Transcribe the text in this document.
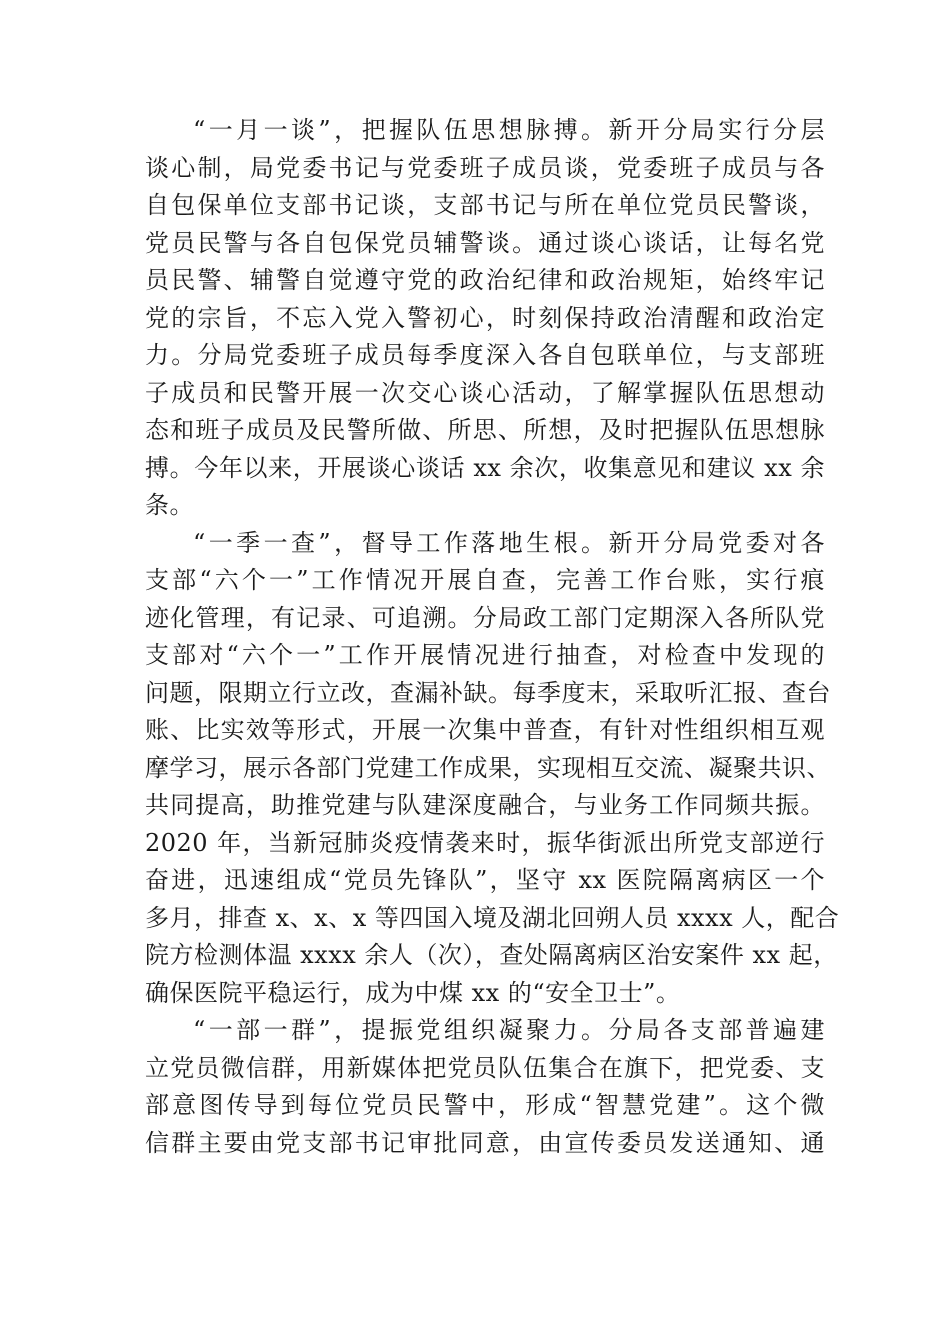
“一月一谈”，把握队伍思想脉搏。新开分局实行分层
谈心制，局党委书记与党委班子成员谈，党委班子成员与各
自包保单位支部书记谈，支部书记与所在单位党员民警谈，
党员民警与各自包保党员辅警谈。通过谈心谈话，让每名党
员民警、辅警自觉遵守党的政治纪律和政治规矩，始终牢记
党的宗旨，不忘入党入警初心，时刻保持政治清醒和政治定
力。分局党委班子成员每季度深入各自包联单位，与支部班
子成员和民警开展一次交心谈心活动，了解掌握队伍思想动
态和班子成员及民警所做、所思、所想，及时把握队伍思想脉
搏。今年以来，开展谈心谈话 xx 余次，收集意见和建议 xx 余
条。
“一季一查”，督导工作落地生根。新开分局党委对各
支部“六个一”工作情况开展自查，完善工作台账，实行痕
迹化管理，有记录、可追溯。分局政工部门定期深入各所队党
支部对“六个一”工作开展情况进行抽查，对检查中发现的
问题，限期立行立改，查漏补缺。每季度末，采取听汇报、查台
账、比实效等形式，开展一次集中普查，有针对性组织相互观
摩学习，展示各部门党建工作成果，实现相互交流、凝聚共识、
共同提高，助推党建与队建深度融合，与业务工作同频共振。
2020 年，当新冠肺炎疫情袭来时，振华街派出所党支部逆行
奋进，迅速组成“党员先锋队”，坚守 xx 医院隔离病区一个
多月，排查 x、x、x 等四国入境及湖北回朔人员 xxxx 人，配合
院方检测体温 xxxx 余人（次），查处隔离病区治安案件 xx 起，
确保医院平稳运行，成为中煤 xx 的“安全卫士”。
“一部一群”，提振党组织凝聚力。分局各支部普遍建
立党员微信群，用新媒体把党员队伍集合在旗下，把党委、支
部意图传导到每位党员民警中，形成“智慧党建”。这个微
信群主要由党支部书记审批同意，由宣传委员发送通知、通
